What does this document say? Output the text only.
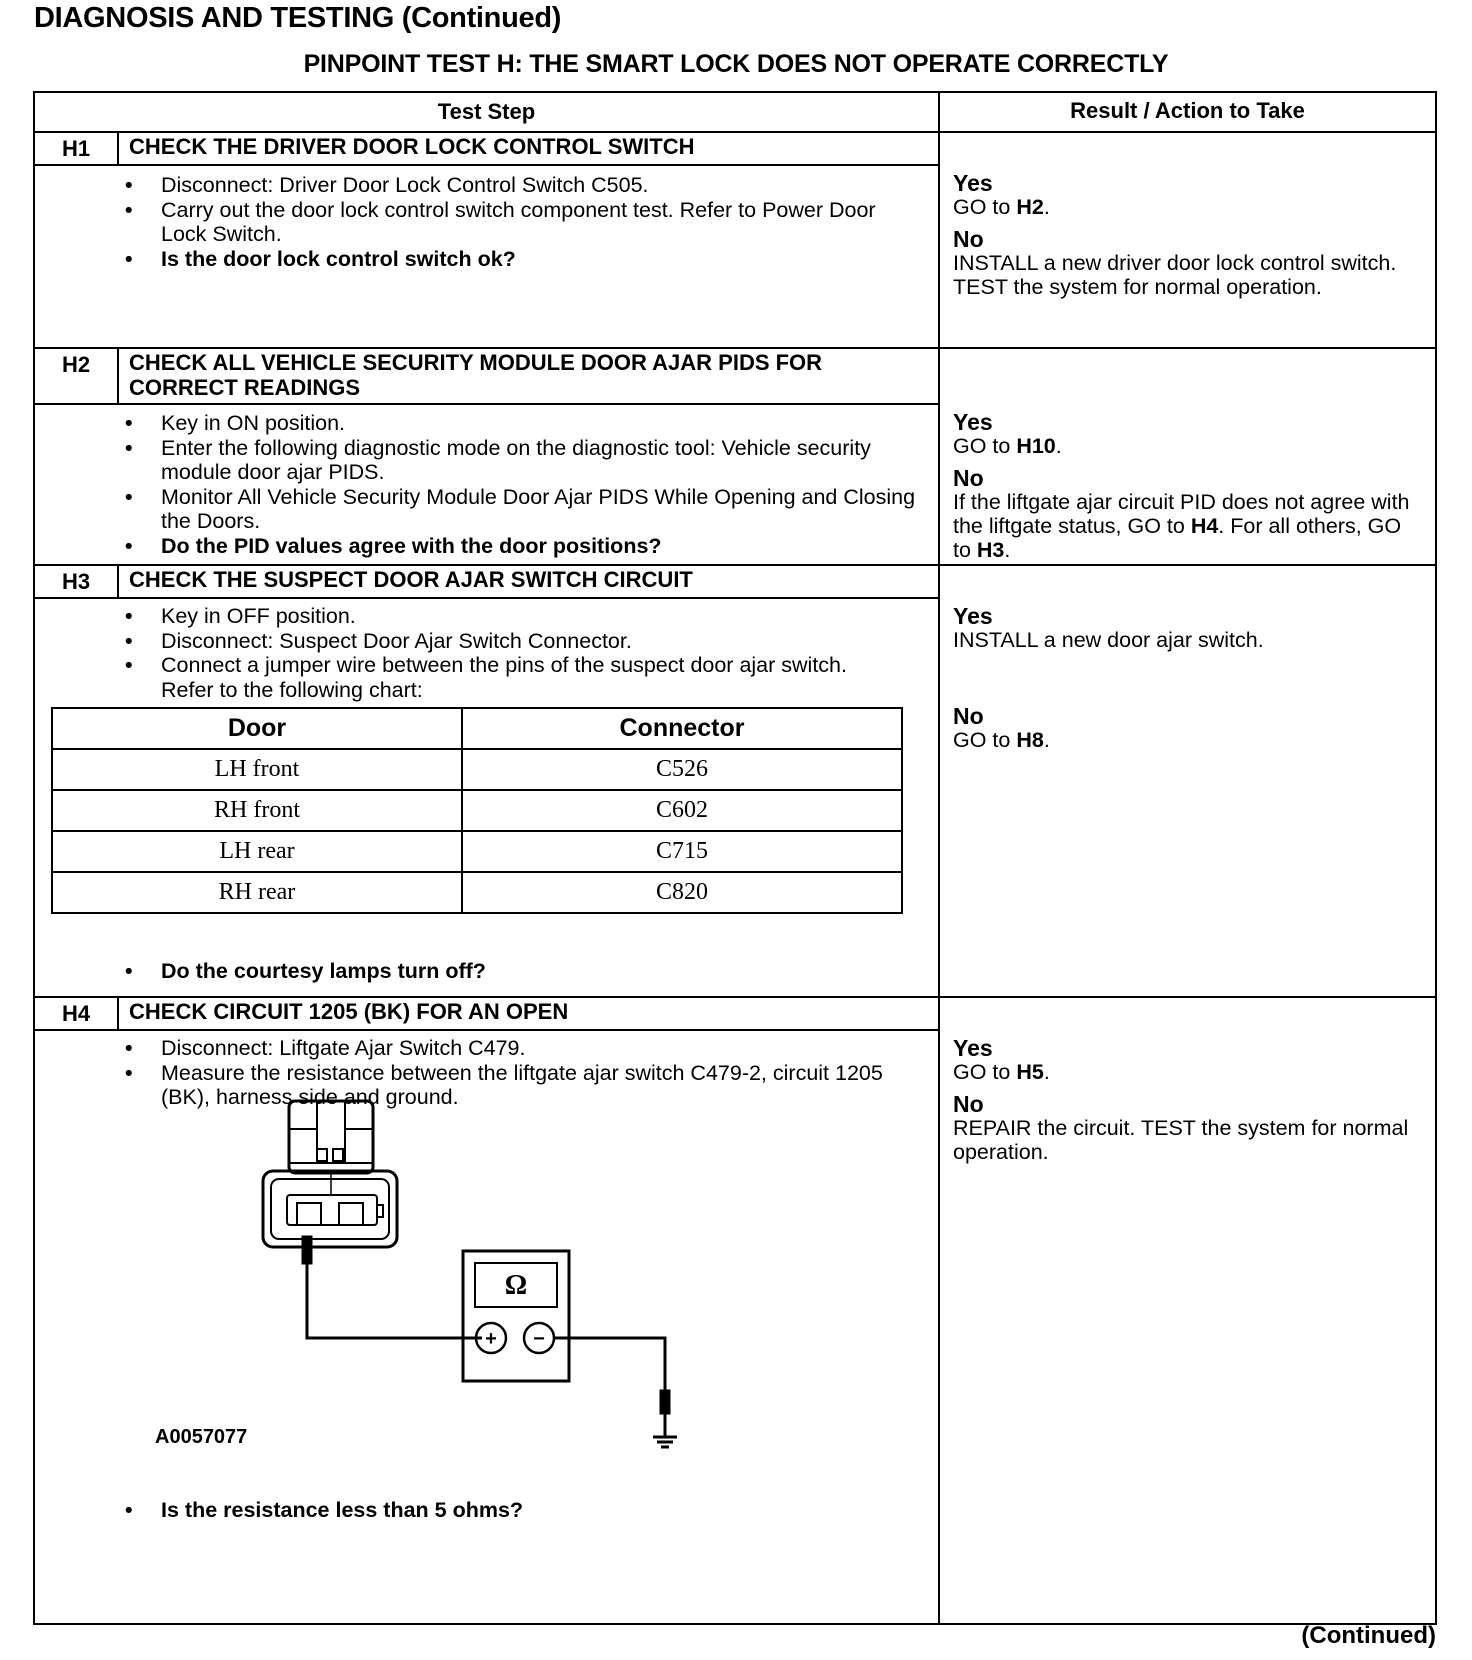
DIAGNOSIS AND TESTING (Continued)
PINPOINT TEST H: THE SMART LOCK DOES NOT OPERATE CORRECTLY
Test Step	Result / Action to Take
H1	CHECK THE DRIVER DOOR LOCK CONTROL SWITCH
• Disconnect: Driver Door Lock Control Switch C505.
• Carry out the door lock control switch component test. Refer to Power Door Lock Switch.
• Is the door lock control switch ok?
Yes
GO to H2.
No
INSTALL a new driver door lock control switch. TEST the system for normal operation.
H2	CHECK ALL VEHICLE SECURITY MODULE DOOR AJAR PIDS FOR CORRECT READINGS
• Key in ON position.
• Enter the following diagnostic mode on the diagnostic tool: Vehicle security module door ajar PIDS.
• Monitor All Vehicle Security Module Door Ajar PIDS While Opening and Closing the Doors.
• Do the PID values agree with the door positions?
Yes
GO to H10.
No
If the liftgate ajar circuit PID does not agree with the liftgate status, GO to H4. For all others, GO to H3.
H3	CHECK THE SUSPECT DOOR AJAR SWITCH CIRCUIT
• Key in OFF position.
• Disconnect: Suspect Door Ajar Switch Connector.
• Connect a jumper wire between the pins of the suspect door ajar switch. Refer to the following chart:
Door	Connector
LH front	C526
RH front	C602
LH rear	C715
RH rear	C820
• Do the courtesy lamps turn off?
Yes
INSTALL a new door ajar switch.
No
GO to H8.
H4	CHECK CIRCUIT 1205 (BK) FOR AN OPEN
• Disconnect: Liftgate Ajar Switch C479.
• Measure the resistance between the liftgate ajar switch C479-2, circuit 1205 (BK), harness side and ground.
Ω
+ −
A0057077
• Is the resistance less than 5 ohms?
Yes
GO to H5.
No
REPAIR the circuit. TEST the system for normal operation.
(Continued)
